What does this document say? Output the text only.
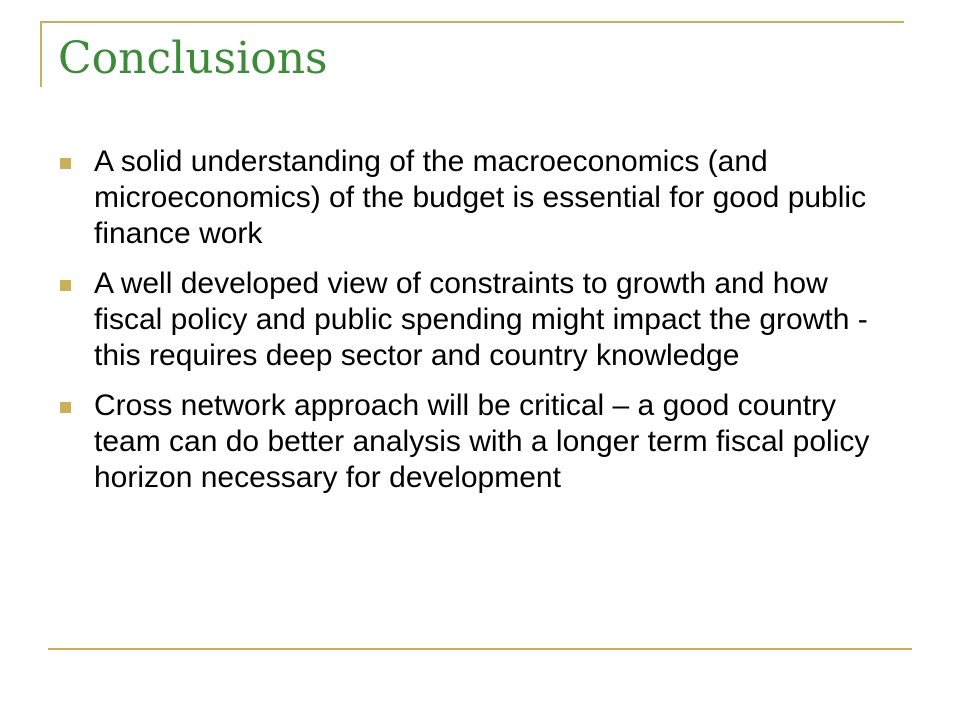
Conclusions
A solid understanding of the macroeconomics (and microeconomics) of the budget is essential for good public finance work
A well developed view of constraints to growth and how fiscal policy and public spending might impact the growth - this requires deep sector and country knowledge
Cross network approach will be critical – a good country team can do better analysis with a longer term fiscal policy horizon necessary for development
